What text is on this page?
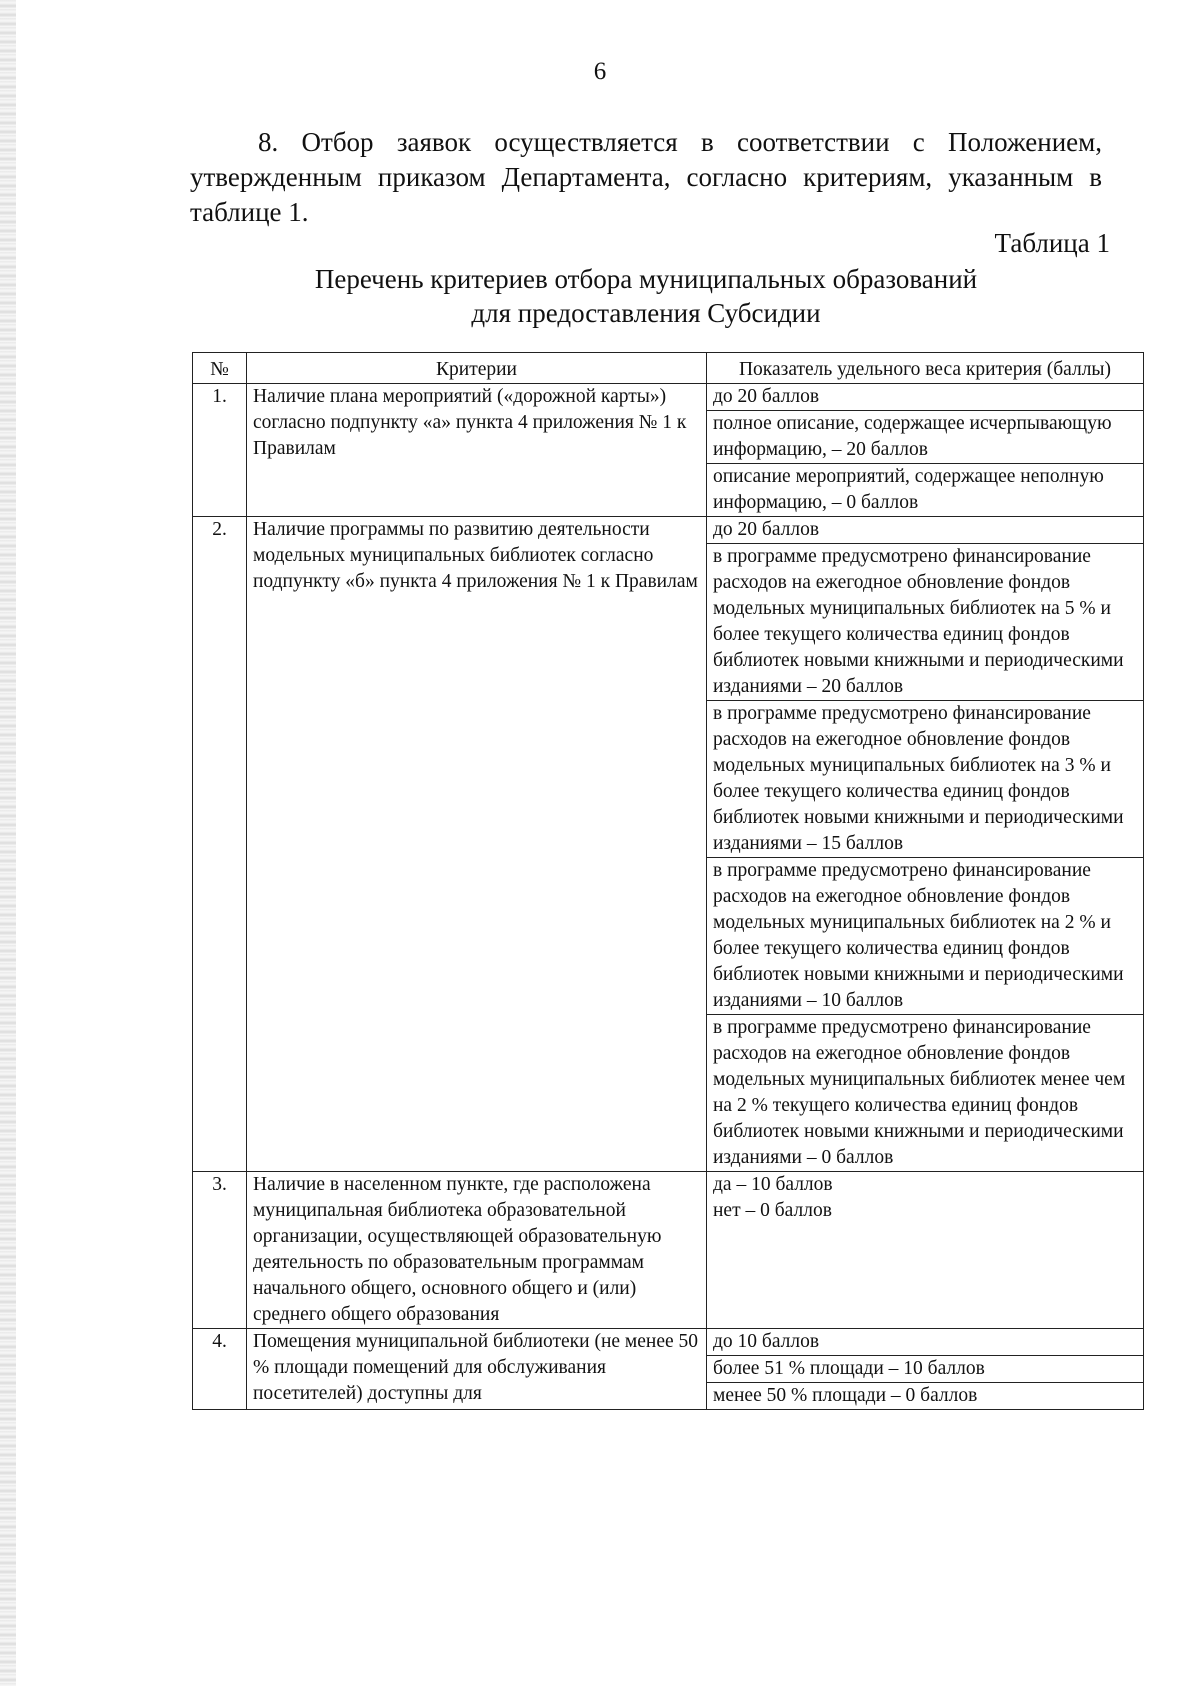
6

8. Отбор заявок осуществляется в соответствии с Положением, утвержденным приказом Департамента, согласно критериям, указанным в таблице 1.

Таблица 1
Перечень критериев отбора муниципальных образований
для предоставления Субсидии
№	Критерии	Показатель удельного веса критерия (баллы)
1.	Наличие плана мероприятий («дорожной карты») согласно подпункту «а» пункта 4 приложения № 1 к Правилам	до 20 баллов
		полное описание, содержащее исчерпывающую информацию, – 20 баллов
		описание мероприятий, содержащее неполную информацию, – 0 баллов
2.	Наличие программы по развитию деятельности модельных муниципальных библиотек согласно подпункту «б» пункта 4 приложения № 1 к Правилам	до 20 баллов
		в программе предусмотрено финансирование расходов на ежегодное обновление фондов модельных муниципальных библиотек на 5 % и более текущего количества единиц фондов библиотек новыми книжными и периодическими изданиями – 20 баллов
		в программе предусмотрено финансирование расходов на ежегодное обновление фондов модельных муниципальных библиотек на 3 % и более текущего количества единиц фондов библиотек новыми книжными и периодическими изданиями – 15 баллов
		в программе предусмотрено финансирование расходов на ежегодное обновление фондов модельных муниципальных библиотек на 2 % и более текущего количества единиц фондов библиотек новыми книжными и периодическими изданиями – 10 баллов
		в программе предусмотрено финансирование расходов на ежегодное обновление фондов модельных муниципальных библиотек менее чем на 2 % текущего количества единиц фондов библиотек новыми книжными и периодическими изданиями – 0 баллов
3.	Наличие в населенном пункте, где расположена муниципальная библиотека образовательной организации, осуществляющей образовательную деятельность по образовательным программам начального общего, основного общего и (или) среднего общего образования	да – 10 баллов
нет – 0 баллов

4.	Помещения муниципальной библиотеки (не менее 50 % площади помещений для обслуживания посетителей) доступны для	до 10 баллов
		более 51 % площади – 10 баллов
		менее 50 % площади – 0 баллов
